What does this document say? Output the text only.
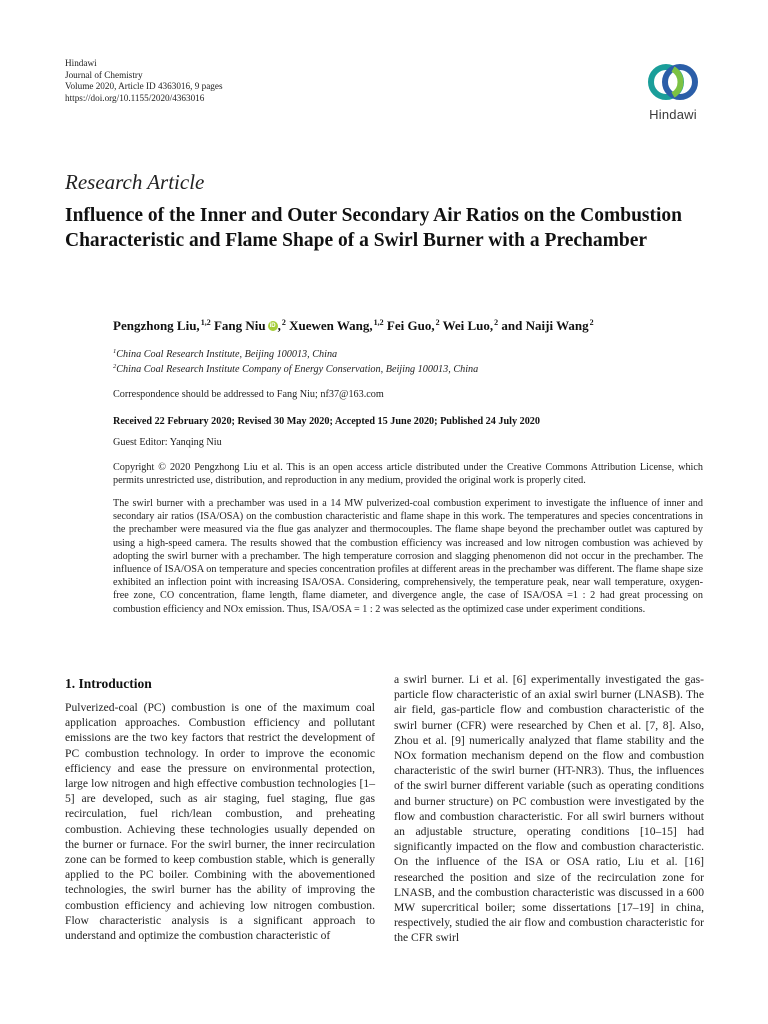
Hindawi
Journal of Chemistry
Volume 2020, Article ID 4363016, 9 pages
https://doi.org/10.1155/2020/4363016
Hindawi
Research Article
Influence of the Inner and Outer Secondary Air Ratios on the Combustion Characteristic and Flame Shape of a Swirl Burner with a Prechamber
Pengzhong Liu,$^{1,2}$ Fang Niu iD ,$^2$ Xuewen Wang,$^{1,2}$ Fei Guo,$^2$ Wei Luo,$^2$ and Naiji Wang$^2$
$^1$China Coal Research Institute, Beijing 100013, China
$^2$China Coal Research Institute Company of Energy Conservation, Beijing 100013, China
Correspondence should be addressed to Fang Niu; nf37@163.com
Received 22 February 2020; Revised 30 May 2020; Accepted 15 June 2020; Published 24 July 2020
Guest Editor: Yanqing Niu
Copyright © 2020 Pengzhong Liu et al. This is an open access article distributed under the Creative Commons Attribution License, which permits unrestricted use, distribution, and reproduction in any medium, provided the original work is properly cited.
The swirl burner with a prechamber was used in a 14 MW pulverized-coal combustion experiment to investigate the influence of inner and secondary air ratios (ISA/OSA) on the combustion characteristic and flame shape in this work. The temperatures and species concentrations in the prechamber were measured via the flue gas analyzer and thermocouples. The flame shape beyond the prechamber outlet was captured by using a high-speed camera. The results showed that the combustion efficiency was increased and low nitrogen combustion was achieved by adopting the swirl burner with a prechamber. The high temperature corrosion and slagging phenomenon did not occur in the prechamber. The influence of ISA/OSA on temperature and species concentration profiles at different areas in the prechamber was different. The flame shape size exhibited an inflection point with increasing ISA/OSA. Considering, comprehensively, the temperature peak, near wall temperature, oxygen-free zone, CO concentration, flame length, flame diameter, and divergence angle, the case of ISA/OSA =1 : 2 had great processing on combustion efficiency and NOx emission. Thus, ISA/OSA = 1 : 2 was selected as the optimized case under experiment conditions.
1. Introduction
Pulverized-coal (PC) combustion is one of the maximum coal application approaches. Combustion efficiency and pollutant emissions are the two key factors that restrict the development of PC combustion technology. In order to improve the economic efficiency and ease the pressure on environmental protection, large low nitrogen and high effective combustion technologies [1–5] are developed, such as air staging, fuel staging, flue gas recirculation, fuel rich/lean combustion, and preheating combustion. Achieving these technologies usually depended on the burner or furnace. For the swirl burner, the inner recirculation zone can be formed to keep combustion stable, which is generally applied to the PC boiler. Combining with the abovementioned technologies, the swirl burner has the ability of improving the combustion efficiency and achieving low nitrogen combustion. Flow characteristic analysis is a significant approach to understand and optimize the combustion characteristic of
a swirl burner. Li et al. [6] experimentally investigated the gas-particle flow characteristic of an axial swirl burner (LNASB). The air field, gas-particle flow and combustion characteristic of the swirl burner (CFR) were researched by Chen et al. [7, 8]. Also, Zhou et al. [9] numerically analyzed that flame stability and the NOx formation mechanism depend on the flow and combustion characteristic of the swirl burner (HT-NR3). Thus, the influences of the swirl burner different variable (such as operating conditions and burner structure) on PC combustion were investigated by the flow and combustion characteristic. For all swirl burners without an adjustable structure, operating conditions [10–15] had significantly impacted on the flow and combustion characteristic. On the influence of the ISA or OSA ratio, Liu et al. [16] researched the position and size of the recirculation zone for LNASB, and the combustion characteristic was discussed in a 600 MW supercritical boiler; some dissertations [17–19] in china, respectively, studied the air flow and combustion characteristic for the CFR swirl
